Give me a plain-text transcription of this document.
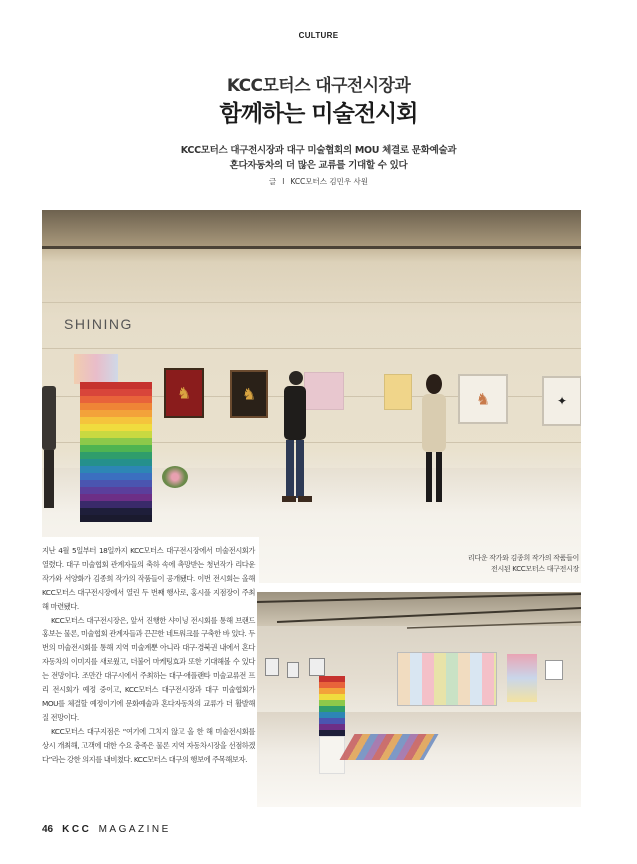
CULTURE
KCC모터스 대구전시장과
함께하는 미술전시회
KCC모터스 대구전시장과 대구 미술협회의 MOU 체결로 문화예술과
혼다자동차의 더 많은 교류를 기대할 수 있다
글 l KCC모터스 김민우 사원
SHINING
♞	♞	♞	✦
리다운 작가와 김종희 작가의 작품들이
전시된 KCC모터스 대구전시장

지난 4월 5일부터 18일까지 KCC모터스 대구전시장에서 미술전시회가 열렸다. 대구 미술협회 관계자들의 축하 속에 촉망받는 청년작가 리다운 작가와 서양화가 김종희 작가의 작품들이 공개됐다. 이번 전시회는 올해 KCC모터스 대구전시장에서 열린 두 번째 행사로, 홍시플 지점장이 주최해 마련됐다.

KCC모터스 대구전시장은, 앞서 진행한 샤이닝 전시회를 통해 브랜드 홍보는 물론, 미술협회 관계자들과 끈끈한 네트워크를 구축한 바 있다. 두 번의 미술전시회를 통해 지역 미술계뿐 아니라 대구·경북권 내에서 혼다자동차의 이미지를 새로웠고, 더불어 마케팅효과 또한 기대해볼 수 있다는 전망이다. 조만간 대구시에서 주최하는 대구·애플랜타 미술교류전 프리 전시회가 예정 중이고, KCC모터스 대구전시장과 대구 미술협회가 MOU를 체결할 예정이기에 문화예술과 혼다자동차의 교류가 더 활발해질 전망이다.

KCC모터스 대구지점은 “여기에 그치지 않고 올 한 해 미술전시회를 상시 개최해, 고객에 대한 수요 충족은 물론 지역 자동차시장을 선점하겠다”라는 강한 의지를 내비쳤다. KCC모터스 대구의 행보에 주목해보자.

46 KCC MAGAZINE
